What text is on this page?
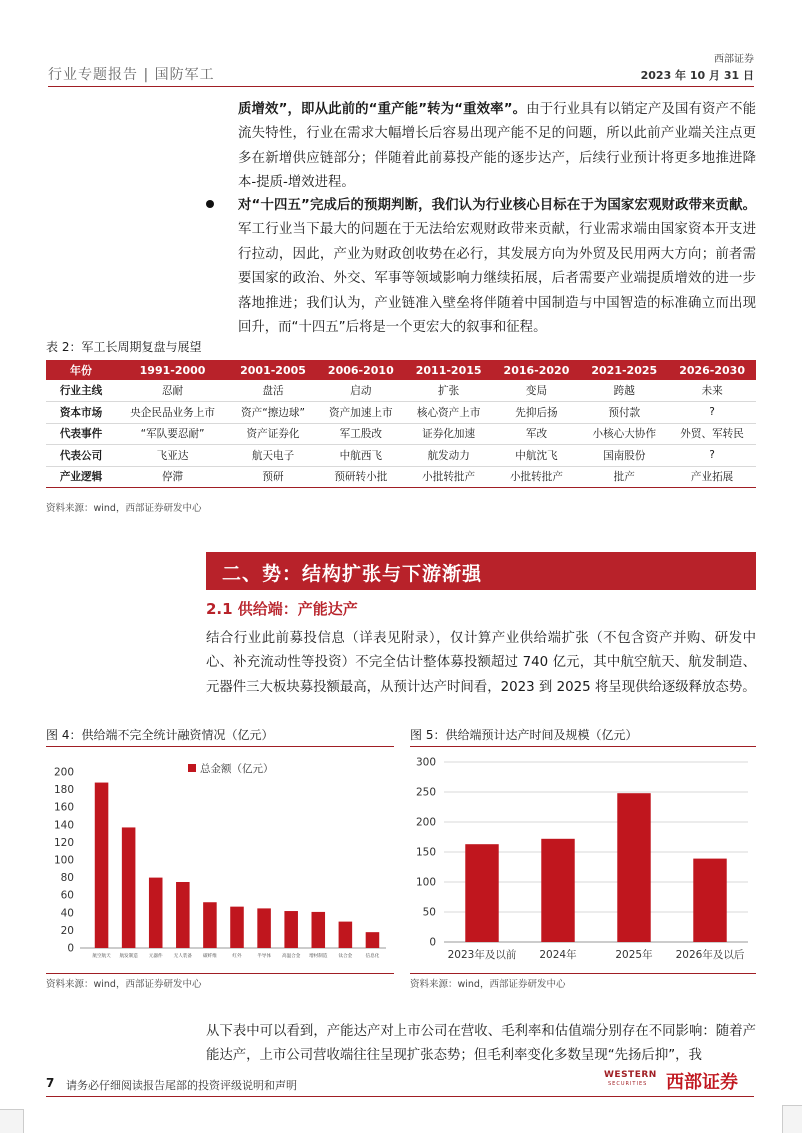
行业专题报告 | 国防军工
西部证券
2023 年 10 月 31 日
质增效”，即从此前的“重产能”转为“重效率”。由于行业具有以销定产及国有资产不能流失特性，行业在需求大幅增长后容易出现产能不足的问题，所以此前产业端关注点更多在新增供应链部分；伴随着此前募投产能的逐步达产，后续行业预计将更多地推进降本-提质-增效进程。
对“十四五”完成后的预期判断，我们认为行业核心目标在于为国家宏观财政带来贡献。军工行业当下最大的问题在于无法给宏观财政带来贡献，行业需求端由国家资本开支进行拉动，因此，产业为财政创收势在必行，其发展方向为外贸及民用两大方向；前者需要国家的政治、外交、军事等领域影响力继续拓展，后者需要产业端提质增效的进一步落地推进；我们认为，产业链准入壁垒将伴随着中国制造与中国智造的标准确立而出现回升，而“十四五”后将是一个更宏大的叙事和征程。
表 2：军工长周期复盘与展望
年份	1991-2000	2001-2005	2006-2010	2011-2015	2016-2020	2021-2025	2026-2030
行业主线	忍耐	盘活	启动	扩张	变局	跨越	未来
资本市场	央企民品业务上市	资产“擦边球”	资产加速上市	核心资产上市	先抑后扬	预付款	?
代表事件	“军队要忍耐”	资产证券化	军工股改	证券化加速	军改	小核心大协作	外贸、军转民
代表公司	飞亚达	航天电子	中航西飞	航发动力	中航沈飞	国南股份	?
产业逻辑	停滞	预研	预研转小批	小批转批产	小批转批产	批产	产业拓展
资料来源：wind，西部证券研发中心
二、势：结构扩张与下游渐强
2.1 供给端：产能达产
结合行业此前募投信息（详表见附录），仅计算产业供给端扩张（不包含资产并购、研发中心、补充流动性等投资）不完全估计整体募投额超过 740 亿元，其中航空航天、航发制造、元器件三大板块募投额最高，从预计达产时间看，2023 到 2025 将呈现供给逐级释放态势。
图 4：供给端不完全统计融资情况（亿元）
0
20
40
60
80
100
120
140
160
180
200
航空航天 航发制造 元器件 无人装备 碳纤维	红外	半导体 高温合金 增材制造 钛合金	信息化
总金额（亿元）
资料来源：wind，西部证券研发中心
图 5：供给端预计达产时间及规模（亿元）
0
50
100
150
200
250
300
2023年及以前 2024年	2025年 2026年及以后
资料来源：wind，西部证券研发中心
从下表中可以看到，产能达产对上市公司在营收、毛利率和估值端分别存在不同影响：随着产能达产，上市公司营收端往往呈现扩张态势；但毛利率变化多数呈现“先扬后抑”，我
7 请务必仔细阅读报告尾部的投资评级说明和声明
WESTERN
SECURITIES 西部证券
